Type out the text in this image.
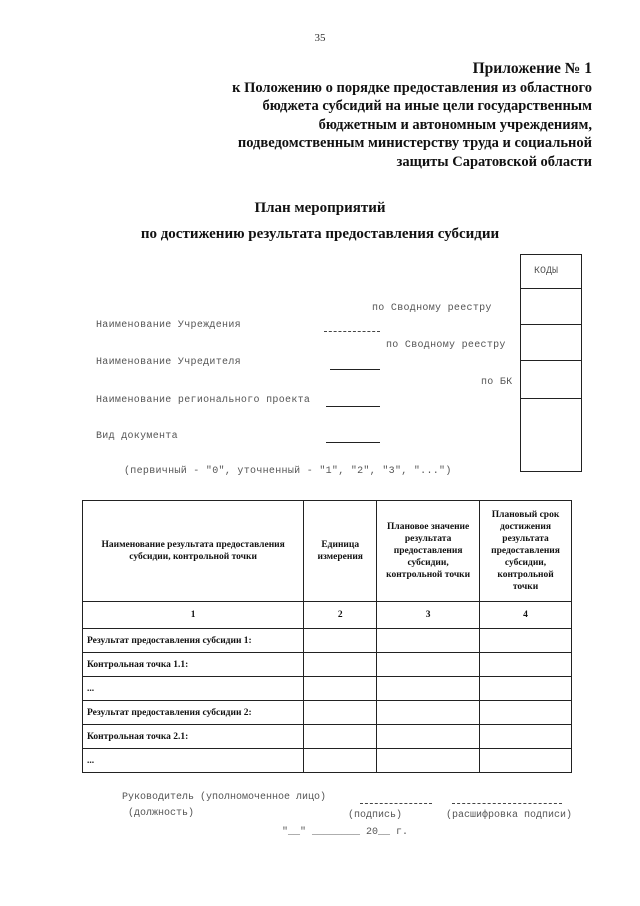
35
Приложение № 1
к Положению о порядке предоставления из областного
бюджета субсидий на иные цели государственным
бюджетным и автономным учреждениям,
подведомственным министерству труда и социальной
защиты Саратовской области
План мероприятий
по достижению результата предоставления субсидии
по Сводному реестру
Наименование Учреждения
по Сводному реестру
Наименование Учредителя
по БК
Наименование регионального проекта
Вид документа
(первичный - "0", уточненный - "1", "2", "3", "...")
КОДЫ
Наименование результата предоставления субсидии, контрольной точки	Единица измерения	Плановое значение результата предоставления субсидии, контрольной точки	Плановый срок достижения результата предоставления субсидии, контрольной точки
1	2	3	4
Результат предоставления субсидии 1:			
Контрольная точка 1.1:			
...			
Результат предоставления субсидии 2:			
Контрольная точка 2.1:			
...			
Руководитель (уполномоченное лицо)
(должность)	(подпись)	(расшифровка подписи)
"__" ________ 20__ г.
